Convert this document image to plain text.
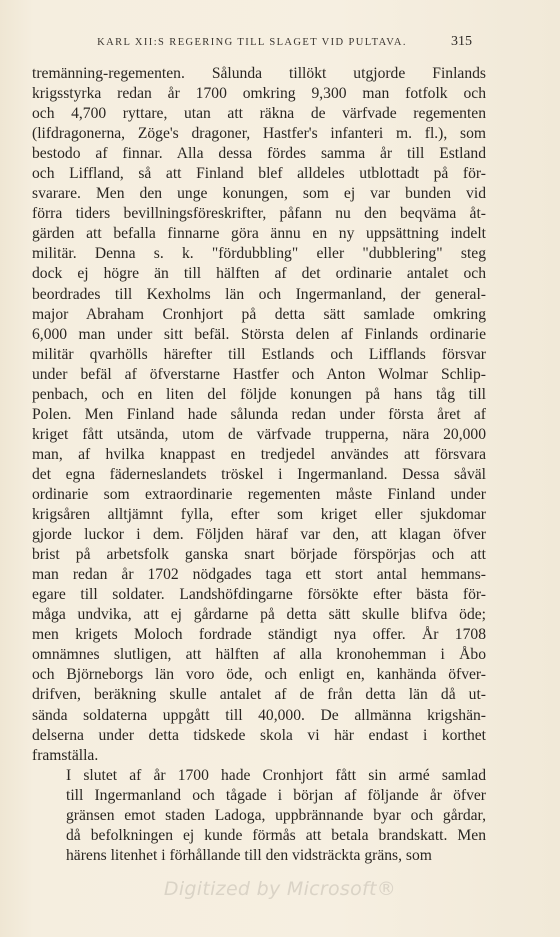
KARL XII:S REGERING TILL SLAGET VID PULTAVA.	315

tremänning-regementen. Sålunda tillökt utgjorde Finlands
krigsstyrka redan år 1700 omkring 9,300 man fotfolk och
och 4,700 ryttare, utan att räkna de värfvade regementen
(lifdragonerna, Zöge's dragoner, Hastfer's infanteri m. fl.), som
bestodo af finnar. Alla dessa fördes samma år till Estland
och Liffland, så att Finland blef alldeles utblottadt på för-
svarare. Men den unge konungen, som ej var bunden vid
förra tiders bevillningsföreskrifter, påfann nu den beqväma åt-
gärden att befalla finnarne göra ännu en ny uppsättning indelt
militär. Denna s. k. "fördubbling" eller "dubblering" steg
dock ej högre än till hälften af det ordinarie antalet och
beordrades till Kexholms län och Ingermanland, der general-
major Abraham Cronhjort på detta sätt samlade omkring
6,000 man under sitt befäl. Största delen af Finlands ordinarie
militär qvarhölls härefter till Estlands och Lifflands försvar
under befäl af öfverstarne Hastfer och Anton Wolmar Schlip-
penbach, och en liten del följde konungen på hans tåg till
Polen. Men Finland hade sålunda redan under första året af
kriget fått utsända, utom de värfvade trupperna, nära 20,000
man, af hvilka knappast en tredjedel användes att försvara
det egna fäderneslandets tröskel i Ingermanland. Dessa såväl
ordinarie som extraordinarie regementen måste Finland under
krigsåren alltjämnt fylla, efter som kriget eller sjukdomar
gjorde luckor i dem. Följden häraf var den, att klagan öfver
brist på arbetsfolk ganska snart började förspörjas och att
man redan år 1702 nödgades taga ett stort antal hemmans-
egare till soldater. Landshöfdingarne försökte efter bästa för-
måga undvika, att ej gårdarne på detta sätt skulle blifva öde;
men krigets Moloch fordrade ständigt nya offer. År 1708
omnämnes slutligen, att hälften af alla kronohemman i Åbo
och Björneborgs län voro öde, och enligt en, kanhända öfver-
drifven, beräkning skulle antalet af de från detta län då ut-
sända soldaterna uppgått till 40,000. De allmänna krigshän-
delserna under detta tidskede skola vi här endast i korthet
framställa.

I slutet af år 1700 hade Cronhjort fått sin armé samlad
till Ingermanland och tågade i början af följande år öfver
gränsen emot staden Ladoga, uppbrännande byar och gårdar,
då befolkningen ej kunde förmås att betala brandskatt. Men
härens litenhet i förhållande till den vidsträckta gräns, som

Digitized by Microsoft®
